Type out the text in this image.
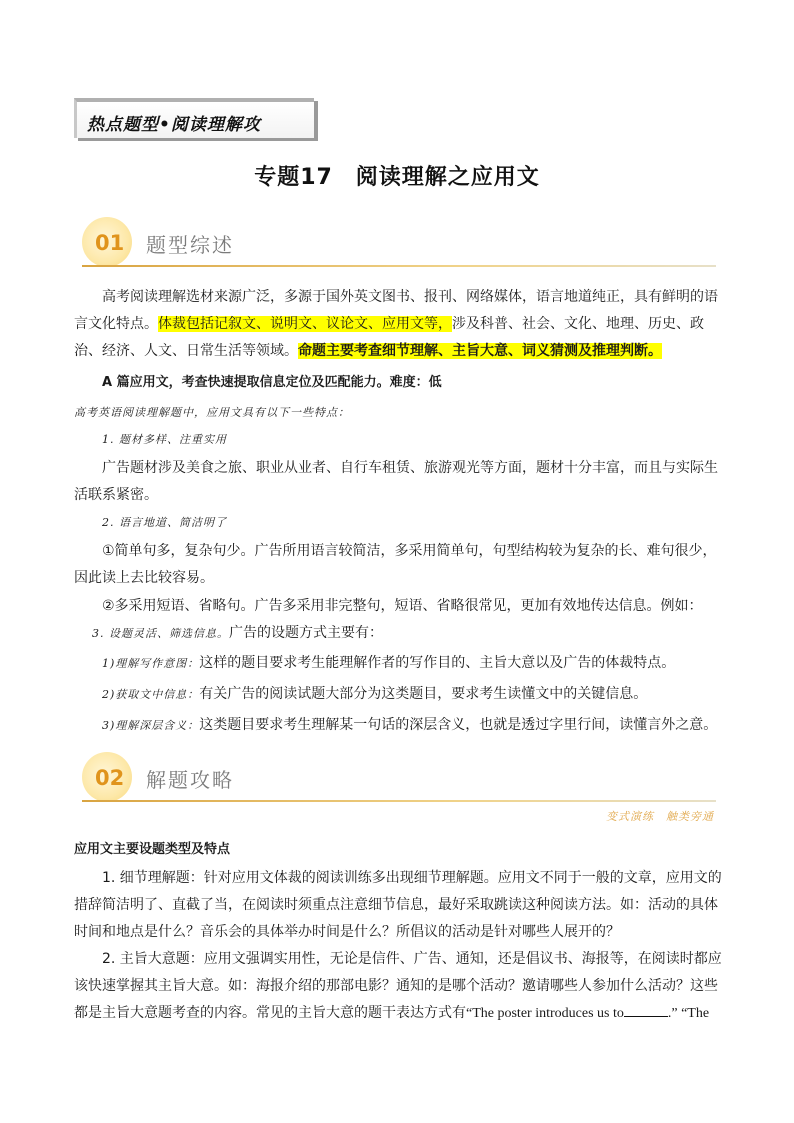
热点题型•阅读理解攻
专题17　阅读理解之应用文
01 题型综述
高考阅读理解选材来源广泛，多源于国外英文图书、报刊、网络媒体，语言地道纯正，具有鲜明的语言文化特点。体裁包括记叙文、说明文、议论文、应用文等，涉及科普、社会、文化、地理、历史、政治、经济、人文、日常生活等领域。命题主要考查细节理解、主旨大意、词义猜测及推理判断。
A 篇应用文，考查快速提取信息定位及匹配能力。难度：低
高考英语阅读理解题中，应用文具有以下一些特点：
1. 题材多样、注重实用
广告题材涉及美食之旅、职业从业者、自行车租赁、旅游观光等方面，题材十分丰富，而且与实际生活联系紧密。
2. 语言地道、简洁明了
①简单句多，复杂句少。广告所用语言较简洁，多采用简单句，句型结构较为复杂的长、难句很少，因此读上去比较容易。
②多采用短语、省略句。广告多采用非完整句，短语、省略很常见，更加有效地传达信息。例如：
3. 设题灵活、筛选信息。广告的设题方式主要有：
1)理解写作意图：这样的题目要求考生能理解作者的写作目的、主旨大意以及广告的体裁特点。
2)获取文中信息：有关广告的阅读试题大部分为这类题目，要求考生读懂文中的关键信息。
3)理解深层含义：这类题目要求考生理解某一句话的深层含义，也就是透过字里行间，读懂言外之意。
02 解题攻略
变式演练　触类旁通
应用文主要设题类型及特点
1. 细节理解题：针对应用文体裁的阅读训练多出现细节理解题。应用文不同于一般的文章，应用文的措辞简洁明了、直截了当，在阅读时须重点注意细节信息，最好采取跳读这种阅读方法。如：活动的具体时间和地点是什么？音乐会的具体举办时间是什么？所倡议的活动是针对哪些人展开的？
2. 主旨大意题：应用文强调实用性，无论是信件、广告、通知，还是倡议书、海报等，在阅读时都应该快速掌握其主旨大意。如：海报介绍的那部电影？通知的是哪个活动？邀请哪些人参加什么活动？这些都是主旨大意题考查的内容。常见的主旨大意的题干表达方式有“The poster introduces us to	.” “The
